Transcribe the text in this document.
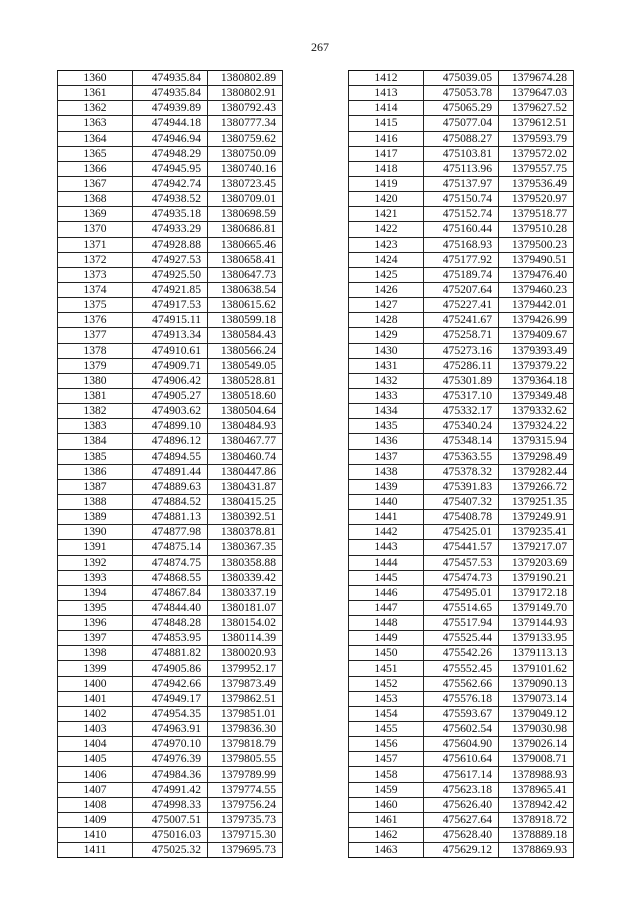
267
1360	474935.84	1380802.89
1361	474935.84	1380802.91
1362	474939.89	1380792.43
1363	474944.18	1380777.34
1364	474946.94	1380759.62
1365	474948.29	1380750.09
1366	474945.95	1380740.16
1367	474942.74	1380723.45
1368	474938.52	1380709.01
1369	474935.18	1380698.59
1370	474933.29	1380686.81
1371	474928.88	1380665.46
1372	474927.53	1380658.41
1373	474925.50	1380647.73
1374	474921.85	1380638.54
1375	474917.53	1380615.62
1376	474915.11	1380599.18
1377	474913.34	1380584.43
1378	474910.61	1380566.24
1379	474909.71	1380549.05
1380	474906.42	1380528.81
1381	474905.27	1380518.60
1382	474903.62	1380504.64
1383	474899.10	1380484.93
1384	474896.12	1380467.77
1385	474894.55	1380460.74
1386	474891.44	1380447.86
1387	474889.63	1380431.87
1388	474884.52	1380415.25
1389	474881.13	1380392.51
1390	474877.98	1380378.81
1391	474875.14	1380367.35
1392	474874.75	1380358.88
1393	474868.55	1380339.42
1394	474867.84	1380337.19
1395	474844.40	1380181.07
1396	474848.28	1380154.02
1397	474853.95	1380114.39
1398	474881.82	1380020.93
1399	474905.86	1379952.17
1400	474942.66	1379873.49
1401	474949.17	1379862.51
1402	474954.35	1379851.01
1403	474963.91	1379836.30
1404	474970.10	1379818.79
1405	474976.39	1379805.55
1406	474984.36	1379789.99
1407	474991.42	1379774.55
1408	474998.33	1379756.24
1409	475007.51	1379735.73
1410	475016.03	1379715.30
1411	475025.32	1379695.73
1412	475039.05	1379674.28
1413	475053.78	1379647.03
1414	475065.29	1379627.52
1415	475077.04	1379612.51
1416	475088.27	1379593.79
1417	475103.81	1379572.02
1418	475113.96	1379557.75
1419	475137.97	1379536.49
1420	475150.74	1379520.97
1421	475152.74	1379518.77
1422	475160.44	1379510.28
1423	475168.93	1379500.23
1424	475177.92	1379490.51
1425	475189.74	1379476.40
1426	475207.64	1379460.23
1427	475227.41	1379442.01
1428	475241.67	1379426.99
1429	475258.71	1379409.67
1430	475273.16	1379393.49
1431	475286.11	1379379.22
1432	475301.89	1379364.18
1433	475317.10	1379349.48
1434	475332.17	1379332.62
1435	475340.24	1379324.22
1436	475348.14	1379315.94
1437	475363.55	1379298.49
1438	475378.32	1379282.44
1439	475391.83	1379266.72
1440	475407.32	1379251.35
1441	475408.78	1379249.91
1442	475425.01	1379235.41
1443	475441.57	1379217.07
1444	475457.53	1379203.69
1445	475474.73	1379190.21
1446	475495.01	1379172.18
1447	475514.65	1379149.70
1448	475517.94	1379144.93
1449	475525.44	1379133.95
1450	475542.26	1379113.13
1451	475552.45	1379101.62
1452	475562.66	1379090.13
1453	475576.18	1379073.14
1454	475593.67	1379049.12
1455	475602.54	1379030.98
1456	475604.90	1379026.14
1457	475610.64	1379008.71
1458	475617.14	1378988.93
1459	475623.18	1378965.41
1460	475626.40	1378942.42
1461	475627.64	1378918.72
1462	475628.40	1378889.18
1463	475629.12	1378869.93
